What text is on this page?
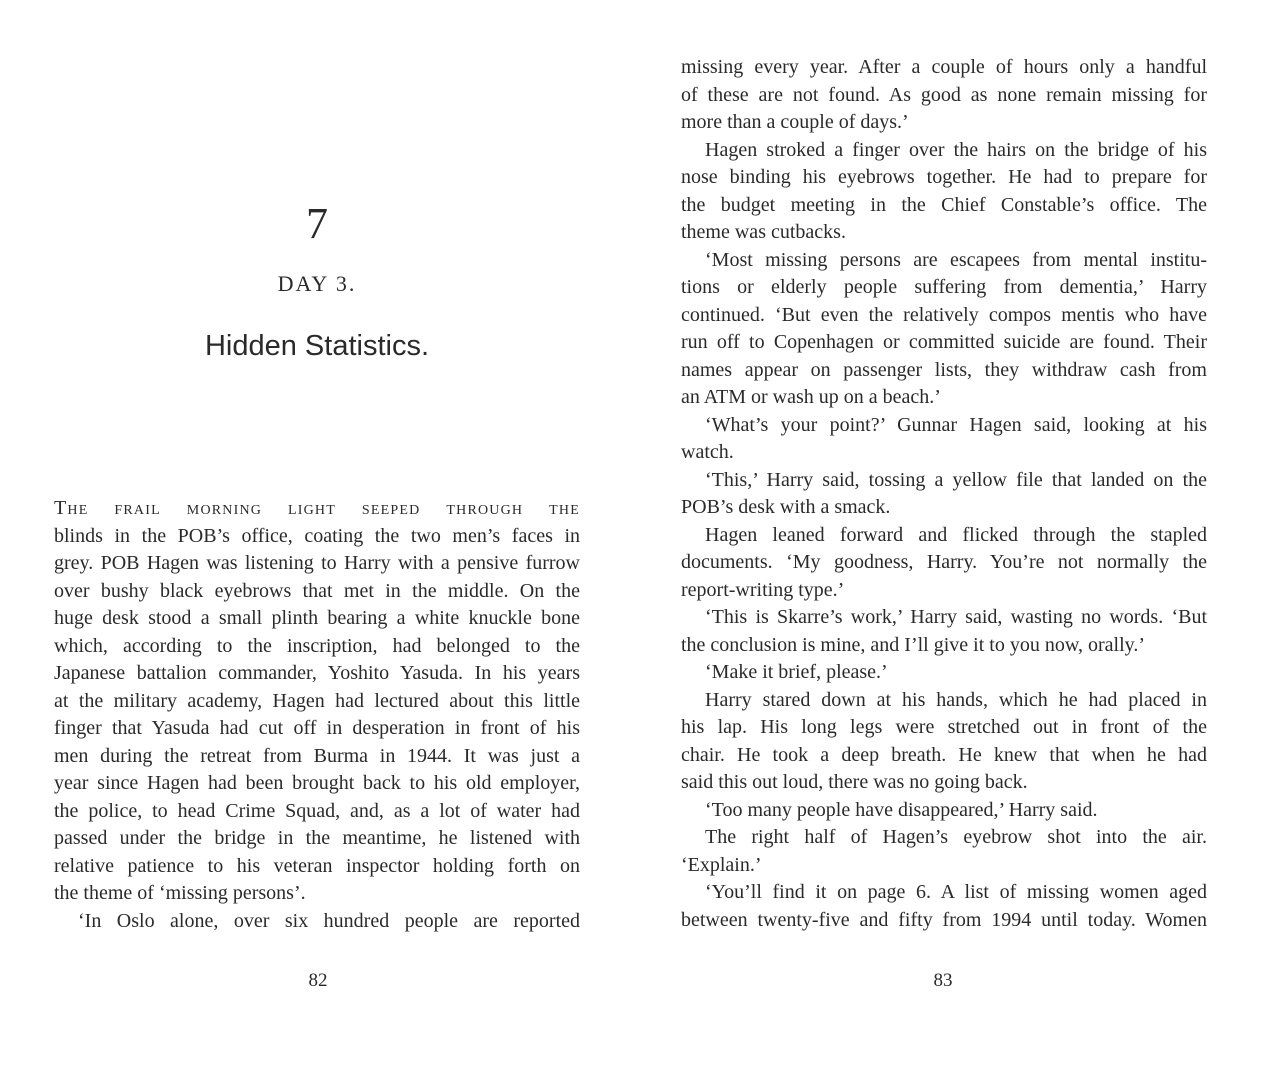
7
DAY 3.
Hidden Statistics.
The frail morning light seeped through the
blinds in the POB’s office, coating the two men’s faces in
grey. POB Hagen was listening to Harry with a pensive furrow
over bushy black eyebrows that met in the middle. On the
huge desk stood a small plinth bearing a white knuckle bone
which, according to the inscription, had belonged to the
Japanese battalion commander, Yoshito Yasuda. In his years
at the military academy, Hagen had lectured about this little
finger that Yasuda had cut off in desperation in front of his
men during the retreat from Burma in 1944. It was just a
year since Hagen had been brought back to his old employer,
the police, to head Crime Squad, and, as a lot of water had
passed under the bridge in the meantime, he listened with
relative patience to his veteran inspector holding forth on
the theme of ‘missing persons’.
‘In Oslo alone, over six hundred people are reported
82
missing every year. After a couple of hours only a handful
of these are not found. As good as none remain missing for
more than a couple of days.’
Hagen stroked a finger over the hairs on the bridge of his
nose binding his eyebrows together. He had to prepare for
the budget meeting in the Chief Constable’s office. The
theme was cutbacks.
‘Most missing persons are escapees from mental institu-
tions or elderly people suffering from dementia,’ Harry
continued. ‘But even the relatively compos mentis who have
run off to Copenhagen or committed suicide are found. Their
names appear on passenger lists, they withdraw cash from
an ATM or wash up on a beach.’
‘What’s your point?’ Gunnar Hagen said, looking at his
watch.
‘This,’ Harry said, tossing a yellow file that landed on the
POB’s desk with a smack.
Hagen leaned forward and flicked through the stapled
documents. ‘My goodness, Harry. You’re not normally the
report-writing type.’
‘This is Skarre’s work,’ Harry said, wasting no words. ‘But
the conclusion is mine, and I’ll give it to you now, orally.’
‘Make it brief, please.’
Harry stared down at his hands, which he had placed in
his lap. His long legs were stretched out in front of the
chair. He took a deep breath. He knew that when he had
said this out loud, there was no going back.
‘Too many people have disappeared,’ Harry said.
The right half of Hagen’s eyebrow shot into the air.
‘Explain.’
‘You’ll find it on page 6. A list of missing women aged
between twenty-five and fifty from 1994 until today. Women
83
